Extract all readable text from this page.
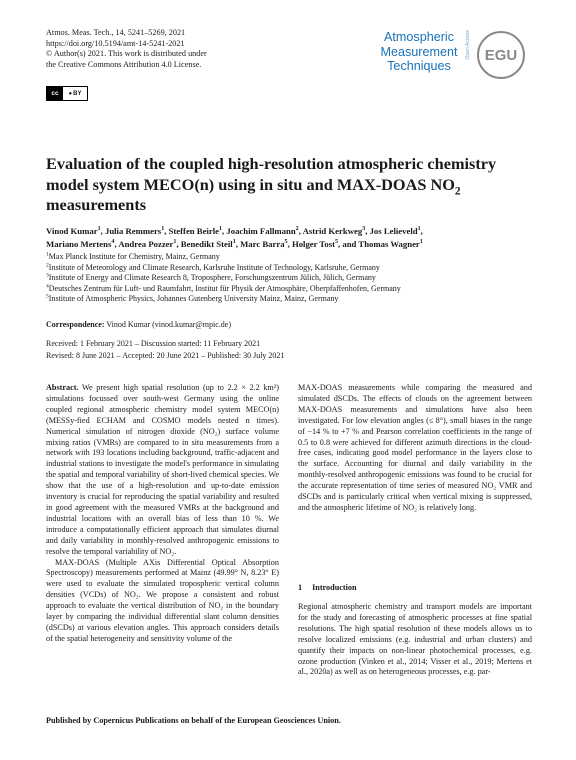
Atmos. Meas. Tech., 14, 5241–5269, 2021
https://doi.org/10.5194/amt-14-5241-2021
© Author(s) 2021. This work is distributed under
the Creative Commons Attribution 4.0 License.
cc	● BY
Atmospheric
Measurement
Techniques
Open Access EGU
Evaluation of the coupled high-resolution atmospheric chemistry
model system MECO(n) using in situ and MAX-DOAS $NO_2$
measurements
Vinod Kumar$^1$, Julia Remmers$^1$, Steffen Beirle$^1$, Joachim Fallmann$^2$, Astrid Kerkweg$^3$, Jos Lelieveld$^1$,
Mariano Mertens$^4$, Andrea Pozzer$^1$, Benedikt Steil$^1$, Marc Barra$^5$, Holger Tost$^5$, and Thomas Wagner$^1$
$^1$Max Planck Institute for Chemistry, Mainz, Germany
$^2$Institute of Meteorology and Climate Research, Karlsruhe Institute of Technology, Karlsruhe, Germany
$^3$Institute of Energy and Climate Research 8, Troposphere, Forschungszentrum Jülich, Jülich, Germany
$^4$Deutsches Zentrum für Luft- und Raumfahrt, Institut für Physik der Atmosphäre, Oberpfaffenhofen, Germany
$^5$Institute of Atmospheric Physics, Johannes Gutenberg University Mainz, Mainz, Germany
Correspondence: Vinod Kumar (vinod.kumar@mpic.de)
Received: 1 February 2021 – Discussion started: 11 February 2021
Revised: 8 June 2021 – Accepted: 20 June 2021 – Published: 30 July 2021

Abstract. We present high spatial resolution (up to 2.2 × 2.2 km²) simulations focussed over south-west Germany using the online coupled regional atmospheric chemistry model system MECO(n) (MESSy-fied ECHAM and COSMO models nested n times). Numerical simulation of nitrogen dioxide (NO₂) surface volume mixing ratios (VMRs) are compared to in situ measurements from a network with 193 locations including background, traffic-adjacent and industrial stations to investigate the model's performance in simulating the spatial and temporal variability of short-lived chemical species. We show that the use of a high-resolution and up-to-date emission inventory is crucial for reproducing the spatial variability and resulted in good agreement with the measured VMRs at the background and industrial locations with an overall bias of less than 10 %. We introduce a computationally efficient approach that simulates diurnal and daily variability in monthly-resolved anthropogenic emissions to resolve the temporal variability of NO₂.

MAX-DOAS (Multiple AXis Differential Optical Absorption Spectroscopy) measurements performed at Mainz (49.99° N, 8.23° E) were used to evaluate the simulated tropospheric vertical column densities (VCDs) of NO₂. We propose a consistent and robust approach to evaluate the vertical distribution of NO₂ in the boundary layer by comparing the individual differential slant column densities (dSCDs) at various elevation angles. This approach considers details of the spatial heterogeneity and sensitivity volume of the

MAX-DOAS measurements while comparing the measured and simulated dSCDs. The effects of clouds on the agreement between MAX-DOAS measurements and simulations have also been investigated. For low elevation angles (≤ 8°), small biases in the range of −14 % to +7 % and Pearson correlation coefficients in the range of 0.5 to 0.8 were achieved for different azimuth directions in the cloud-free cases, indicating good model performance in the layers close to the surface. Accounting for diurnal and daily variability in the monthly-resolved anthropogenic emissions was found to be crucial for the accurate representation of time series of measured NO₂ VMR and dSCDs and is particularly critical when vertical mixing is suppressed, and the atmospheric lifetime of NO₂ is relatively long.

1 Introduction
Regional atmospheric chemistry and transport models are important for the study and forecasting of atmospheric processes at fine spatial resolutions. The high spatial resolution of these models allows us to resolve localized emissions (e.g. industrial and urban clusters) and quantify their impacts on non-linear photochemical processes, e.g. ozone production (Vinken et al., 2014; Visser et al., 2019; Mertens et al., 2020a) as well as on heterogeneous processes, e.g. par-
Published by Copernicus Publications on behalf of the European Geosciences Union.
